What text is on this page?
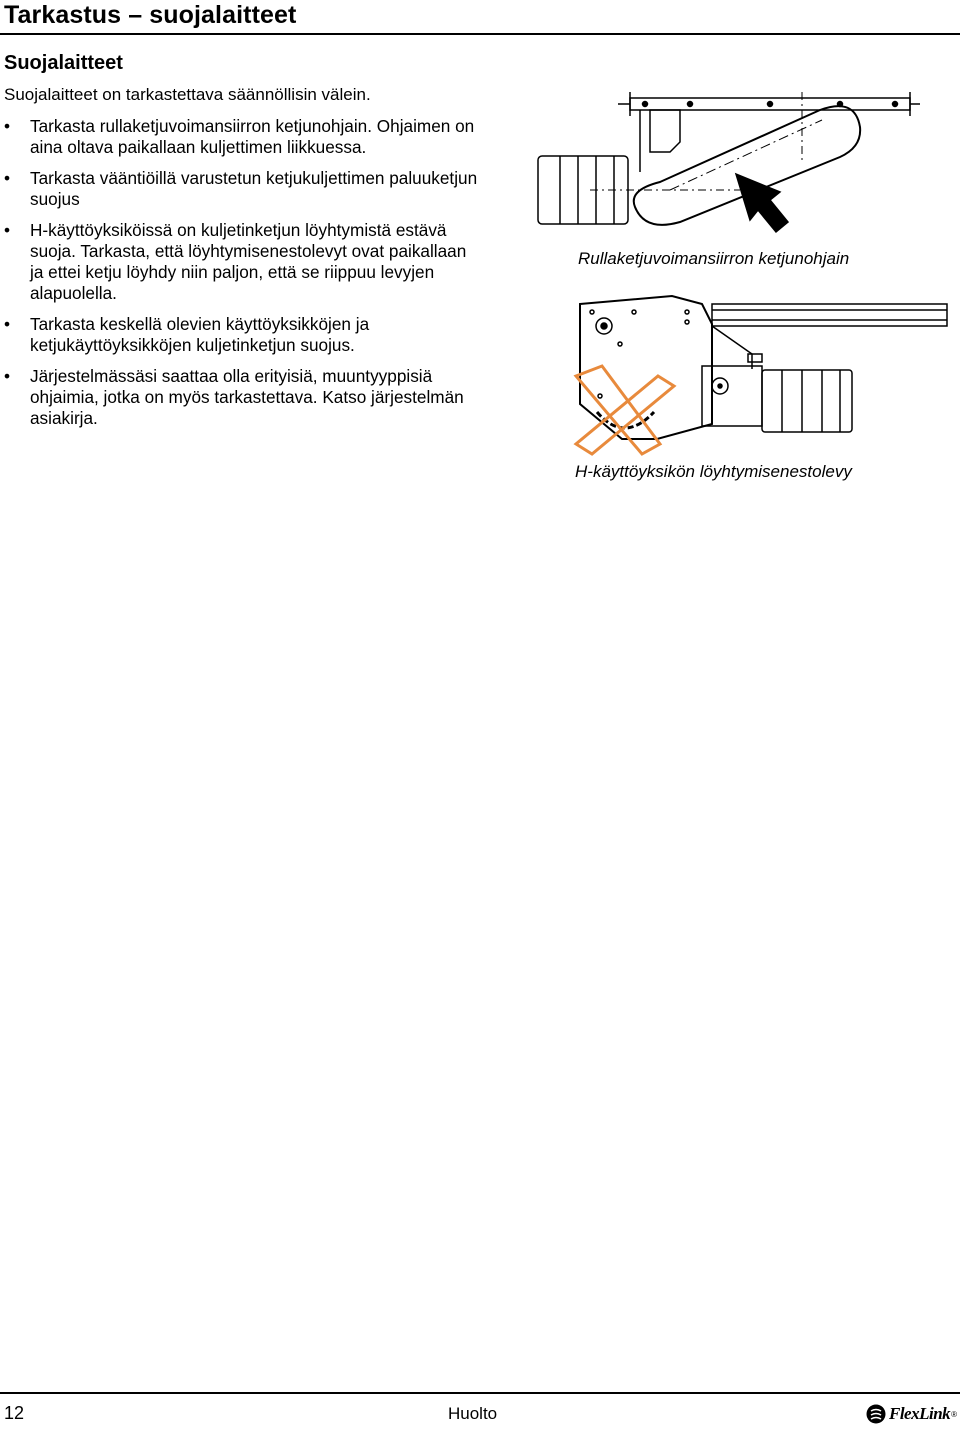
Tarkastus – suojalaitteet
Suojalaitteet

Suojalaitteet on tarkastettava säännöllisin välein.

•	Tarkasta rullaketjuvoimansiirron ketjunohjain. Ohjaimen on aina oltava paikallaan kuljettimen liikkuessa.
•	Tarkasta vääntiöillä varustetun ketjukuljettimen paluuketjun suojus
•	H-käyttöyksiköissä on kuljetinketjun löyhtymistä estävä suoja. Tarkasta, että löyhtymisenestolevyt ovat paikallaan ja ettei ketju löyhdy niin paljon, että se riippuu levyjen alapuolella.
•	Tarkasta keskellä olevien käyttöyksikköjen ja ketjukäyttöyksikköjen kuljetinketjun suojus.
•	Järjestelmässäsi saattaa olla erityisiä, muuntyyppisiä ohjaimia, jotka on myös tarkastettava. Katso järjestelmän asiakirja.

Rullaketjuvoimansiirron ketjunohjain

H-käyttöyksikön löyhtymisenestolevy

12	Huolto	FlexLink ®
